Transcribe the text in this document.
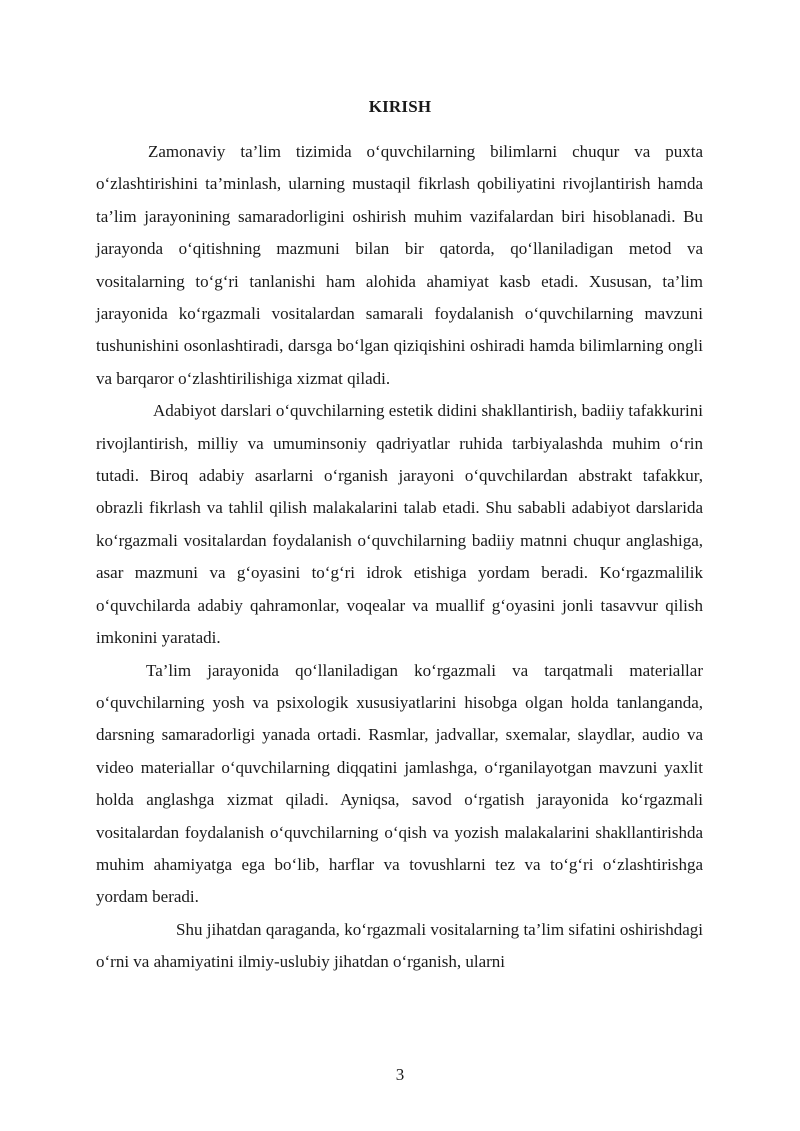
KIRISH

Zamonaviy ta’lim tizimida o‘quvchilarning bilimlarni chuqur va puxta o‘zlashtirishini ta’minlash, ularning mustaqil fikrlash qobiliyatini rivojlantirish hamda ta’lim jarayonining samaradorligini oshirish muhim vazifalardan biri hisoblanadi. Bu jarayonda o‘qitishning mazmuni bilan bir qatorda, qo‘llaniladigan metod va vositalarning to‘g‘ri tanlanishi ham alohida ahamiyat kasb etadi. Xususan, ta’lim jarayonida ko‘rgazmali vositalardan samarali foydalanish o‘quvchilarning mavzuni tushunishini osonlashtiradi, darsga bo‘lgan qiziqishini oshiradi hamda bilimlarning ongli va barqaror o‘zlashtirilishiga xizmat qiladi.

Adabiyot darslari o‘quvchilarning estetik didini shakllantirish, badiiy tafakkurini rivojlantirish, milliy va umuminsoniy qadriyatlar ruhida tarbiyalashda muhim o‘rin tutadi. Biroq adabiy asarlarni o‘rganish jarayoni o‘quvchilardan abstrakt tafakkur, obrazli fikrlash va tahlil qilish malakalarini talab etadi. Shu sababli adabiyot darslarida ko‘rgazmali vositalardan foydalanish o‘quvchilarning badiiy matnni chuqur anglashiga, asar mazmuni va g‘oyasini to‘g‘ri idrok etishiga yordam beradi. Ko‘rgazmalilik o‘quvchilarda adabiy qahramonlar, voqealar va muallif g‘oyasini jonli tasavvur qilish imkonini yaratadi.

Ta’lim jarayonida qo‘llaniladigan ko‘rgazmali va tarqatmali materiallar o‘quvchilarning yosh va psixologik xususiyatlarini hisobga olgan holda tanlanganda, darsning samaradorligi yanada ortadi. Rasmlar, jadvallar, sxemalar, slaydlar, audio va video materiallar o‘quvchilarning diqqatini jamlashga, o‘rganilayotgan mavzuni yaxlit holda anglashga xizmat qiladi. Ayniqsa, savod o‘rgatish jarayonida ko‘rgazmali vositalardan foydalanish o‘quvchilarning o‘qish va yozish malakalarini shakllantirishda muhim ahamiyatga ega bo‘lib, harflar va tovushlarni tez va to‘g‘ri o‘zlashtirishga yordam beradi.

Shu jihatdan qaraganda, ko‘rgazmali vositalarning ta’lim sifatini oshirishdagi o‘rni va ahamiyatini ilmiy-uslubiy jihatdan o‘rganish, ularni

3
